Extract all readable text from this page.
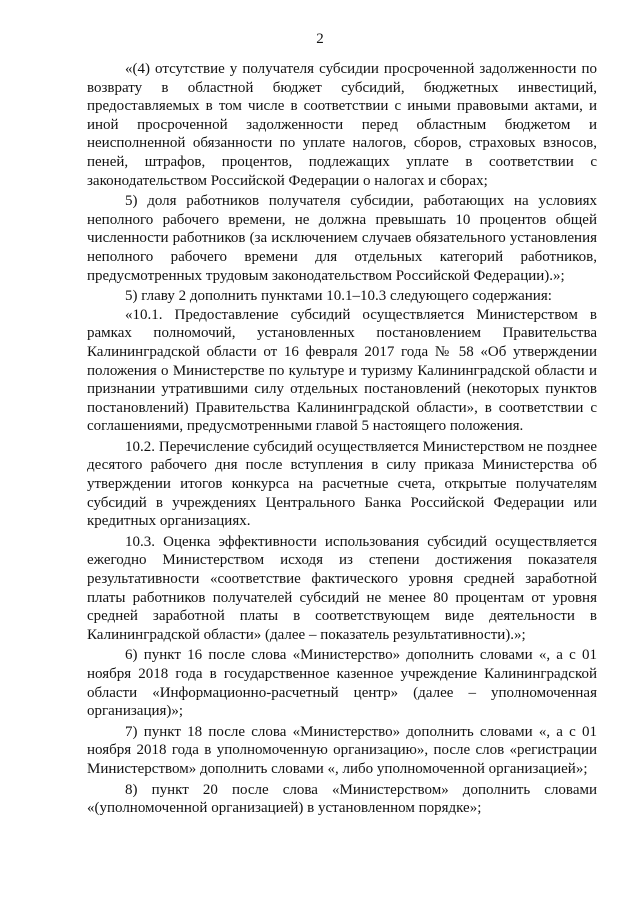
2

«(4) отсутствие у получателя субсидии просроченной задолженности по возврату в областной бюджет субсидий, бюджетных инвестиций, предоставляемых в том числе в соответствии с иными правовыми актами, и иной просроченной задолженности перед областным бюджетом и неисполненной обязанности по уплате налогов, сборов, страховых взносов, пеней, штрафов, процентов, подлежащих уплате в соответствии с законодательством Российской Федерации о налогах и сборах;

5) доля работников получателя субсидии, работающих на условиях неполного рабочего времени, не должна превышать 10 процентов общей численности работников (за исключением случаев обязательного установления неполного рабочего времени для отдельных категорий работников, предусмотренных трудовым законодательством Российской Федерации).»;

5) главу 2 дополнить пунктами 10.1–10.3 следующего содержания:

«10.1. Предоставление субсидий осуществляется Министерством в рамках полномочий, установленных постановлением Правительства Калининградской области от 16 февраля 2017 года № 58 «Об утверждении положения о Министерстве по культуре и туризму Калининградской области и признании утратившими силу отдельных постановлений (некоторых пунктов постановлений) Правительства Калининградской области», в соответствии с соглашениями, предусмотренными главой 5 настоящего положения.

10.2. Перечисление субсидий осуществляется Министерством не позднее десятого рабочего дня после вступления в силу приказа Министерства об утверждении итогов конкурса на расчетные счета, открытые получателям субсидий в учреждениях Центрального Банка Российской Федерации или кредитных организациях.

10.3. Оценка эффективности использования субсидий осуществляется ежегодно Министерством исходя из степени достижения показателя результативности «соответствие фактического уровня средней заработной платы работников получателей субсидий не менее 80 процентам от уровня средней заработной платы в соответствующем виде деятельности в Калининградской области» (далее – показатель результативности).»;

6) пункт 16 после слова «Министерство» дополнить словами «, а с 01 ноября 2018 года в государственное казенное учреждение Калининградской области «Информационно-расчетный центр» (далее – уполномоченная организация)»;

7) пункт 18 после слова «Министерство» дополнить словами «, а с 01 ноября 2018 года в уполномоченную организацию», после слов «регистрации Министерством» дополнить словами «, либо уполномоченной организацией»;

8) пункт 20 после слова «Министерством» дополнить словами «(уполномоченной организацией) в установленном порядке»;
